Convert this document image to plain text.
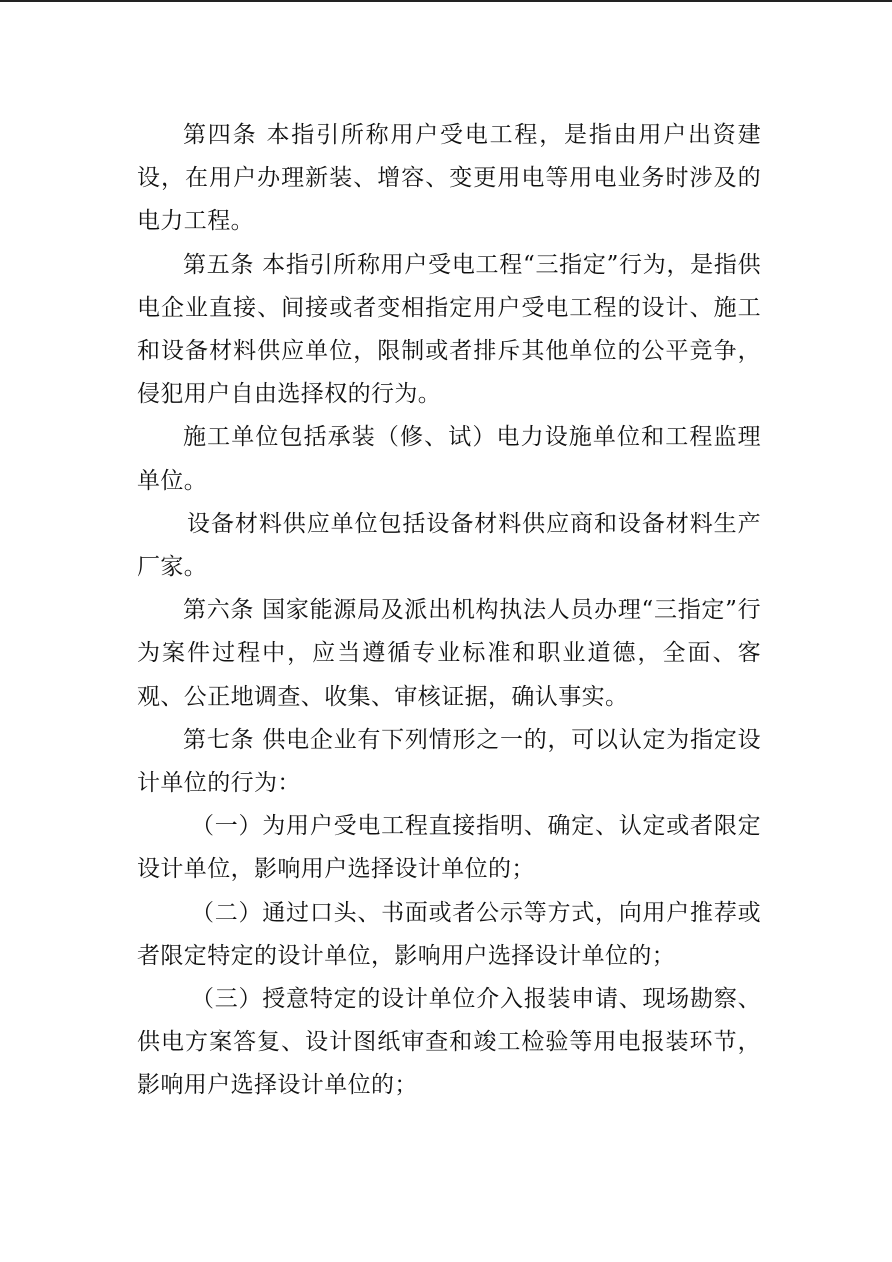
第四条 本指引所称用户受电工程，是指由用户出资建设，在用户办理新装、增容、变更用电等用电业务时涉及的电力工程。

第五条 本指引所称用户受电工程“三指定”行为，是指供电企业直接、间接或者变相指定用户受电工程的设计、施工和设备材料供应单位，限制或者排斥其他单位的公平竞争，侵犯用户自由选择权的行为。

施工单位包括承装（修、试）电力设施单位和工程监理单位。

设备材料供应单位包括设备材料供应商和设备材料生产厂家。

第六条 国家能源局及派出机构执法人员办理“三指定”行为案件过程中，应当遵循专业标准和职业道德，全面、客观、公正地调查、收集、审核证据，确认事实。

第七条 供电企业有下列情形之一的，可以认定为指定设计单位的行为：

（一）为用户受电工程直接指明、确定、认定或者限定设计单位，影响用户选择设计单位的；

（二）通过口头、书面或者公示等方式，向用户推荐或者限定特定的设计单位，影响用户选择设计单位的；

（三）授意特定的设计单位介入报装申请、现场勘察、供电方案答复、设计图纸审查和竣工检验等用电报装环节，影响用户选择设计单位的；
